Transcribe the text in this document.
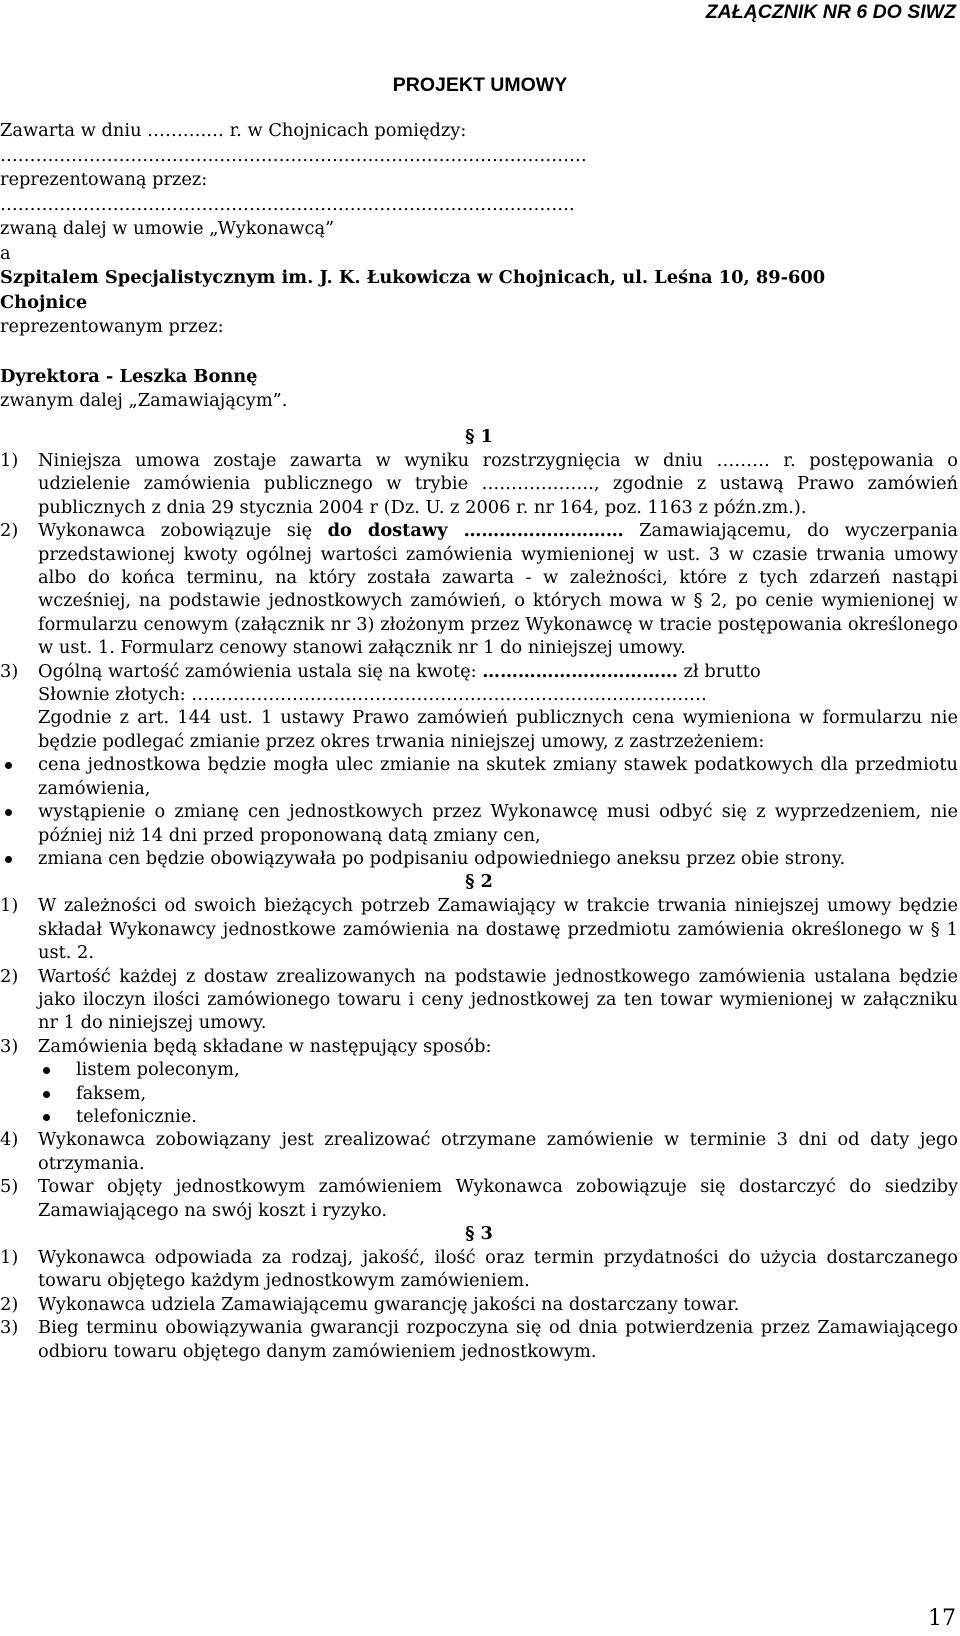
ZAŁĄCZNIK NR 6 DO SIWZ
PROJEKT UMOWY
Zawarta w dniu ……….… r. w Chojnicach pomiędzy:
………………………………………………………………………………………
reprezentowaną przez:
…………………………………………………………………………………….
zwaną dalej w umowie „Wykonawcą”
a
Szpitalem Specjalistycznym im. J. K. Łukowicza w Chojnicach, ul. Leśna 10, 89-600
Chojnice
reprezentowanym przez:
Dyrektora - Leszka Bonnę
zwanym dalej „Zamawiającym”.
§ 1
1)	Niniejsza umowa zostaje zawarta w wyniku rozstrzygnięcia w dniu ……… r. postępowania o udzielenie zamówienia publicznego w trybie ………………., zgodnie z ustawą Prawo zamówień publicznych z dnia 29 stycznia 2004 r (Dz. U. z 2006 r. nr 164, poz. 1163 z późn.zm.).
2)	Wykonawca zobowiązuje się do dostawy ……………………… Zamawiającemu, do wyczerpania przedstawionej kwoty ogólnej wartości zamówienia wymienionej w ust. 3 w czasie trwania umowy albo do końca terminu, na który została zawarta - w zależności, które z tych zdarzeń nastąpi wcześniej, na podstawie jednostkowych zamówień, o których mowa w § 2, po cenie wymienionej w formularzu cenowym (załącznik nr 3) złożonym przez Wykonawcę w tracie postępowania określonego w ust. 1. Formularz cenowy stanowi załącznik nr 1 do niniejszej umowy.
3)	Ogólną wartość zamówienia ustala się na kwotę: …………………………… zł brutto
Słownie złotych: ……………………………………………………………………………
Zgodnie z art. 144 ust. 1 ustawy Prawo zamówień publicznych cena wymieniona w formularzu nie będzie podlegać zmianie przez okres trwania niniejszej umowy, z zastrzeżeniem:
cena jednostkowa będzie mogła ulec zmianie na skutek zmiany stawek podatkowych dla przedmiotu zamówienia,
wystąpienie o zmianę cen jednostkowych przez Wykonawcę musi odbyć się z wyprzedzeniem, nie później niż 14 dni przed proponowaną datą zmiany cen,
zmiana cen będzie obowiązywała po podpisaniu odpowiedniego aneksu przez obie strony.
§ 2
1)	W zależności od swoich bieżących potrzeb Zamawiający w trakcie trwania niniejszej umowy będzie składał Wykonawcy jednostkowe zamówienia na dostawę przedmiotu zamówienia określonego w § 1 ust. 2.
2)	Wartość każdej z dostaw zrealizowanych na podstawie jednostkowego zamówienia ustalana będzie jako iloczyn ilości zamówionego towaru i ceny jednostkowej za ten towar wymienionej w załączniku nr 1 do niniejszej umowy.
3)	Zamówienia będą składane w następujący sposób:
listem poleconym,
faksem,
telefonicznie.
4)	Wykonawca zobowiązany jest zrealizować otrzymane zamówienie w terminie 3 dni od daty jego otrzymania.
5)	Towar objęty jednostkowym zamówieniem Wykonawca zobowiązuje się dostarczyć do siedziby Zamawiającego na swój koszt i ryzyko.
§ 3
1)	Wykonawca odpowiada za rodzaj, jakość, ilość oraz termin przydatności do użycia dostarczanego towaru objętego każdym jednostkowym zamówieniem.
2)	Wykonawca udziela Zamawiającemu gwarancję jakości na dostarczany towar.
3)	Bieg terminu obowiązywania gwarancji rozpoczyna się od dnia potwierdzenia przez Zamawiającego odbioru towaru objętego danym zamówieniem jednostkowym.
17
